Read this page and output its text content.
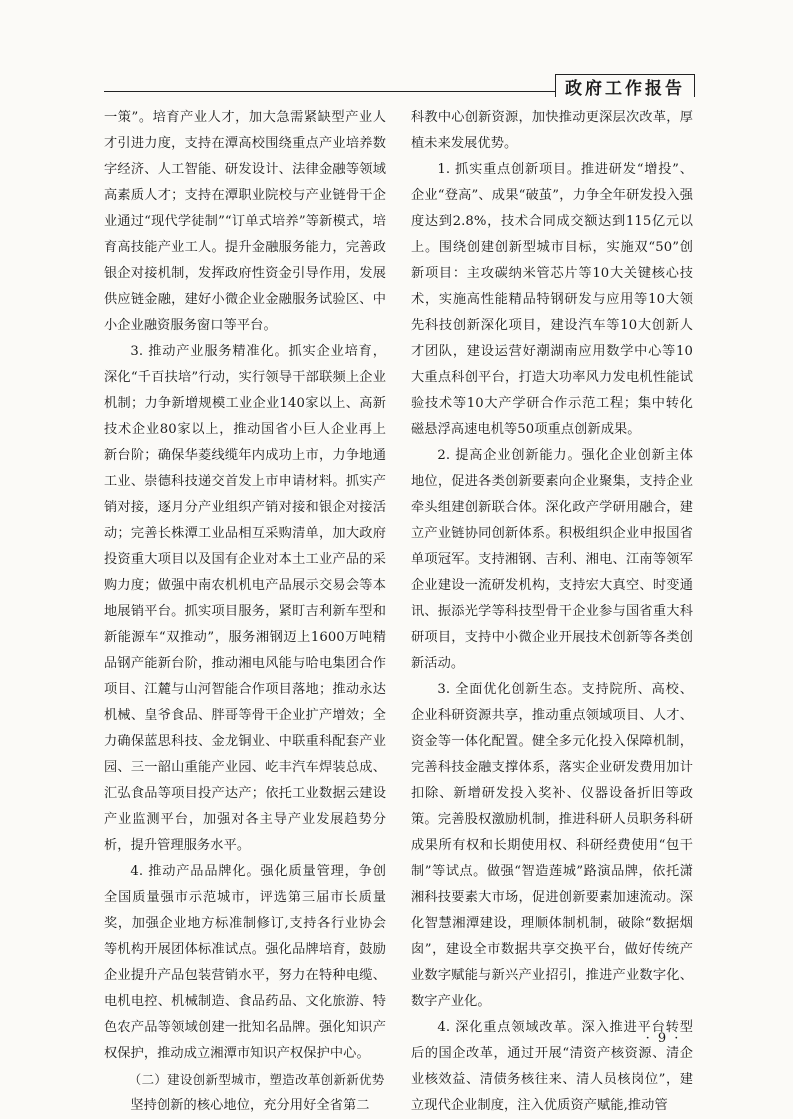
政府工作报告

一策”。培育产业人才，加大急需紧缺型产业人才引进力度，支持在潭高校围绕重点产业培养数字经济、人工智能、研发设计、法律金融等领域高素质人才；支持在潭职业院校与产业链骨干企业通过“现代学徒制”“订单式培养”等新模式，培育高技能产业工人。提升金融服务能力，完善政银企对接机制，发挥政府性资金引导作用，发展供应链金融，建好小微企业金融服务试验区、中小企业融资服务窗口等平台。

3. 推动产业服务精准化。抓实企业培育，深化“千百扶培”行动，实行领导干部联频上企业机制；力争新增规模工业企业140家以上、高新技术企业80家以上，推动国省小巨人企业再上新台阶；确保华菱线缆年内成功上市，力争地通工业、崇德科技递交首发上市申请材料。抓实产销对接，逐月分产业组织产销对接和银企对接活动；完善长株潭工业品相互采购清单，加大政府投资重大项目以及国有企业对本土工业产品的采购力度；做强中南农机机电产品展示交易会等本地展销平台。抓实项目服务，紧盯吉利新车型和新能源车“双推动”，服务湘钢迈上1600万吨精品钢产能新台阶，推动湘电风能与哈电集团合作项目、江麓与山河智能合作项目落地；推动永达机械、皇爷食品、胖哥等骨干企业扩产增效；全力确保蓝思科技、金龙铜业、中联重科配套产业园、三一韶山重能产业园、屹丰汽车焊装总成、汇弘食品等项目投产达产；依托工业数据云建设产业监测平台，加强对各主导产业发展趋势分析，提升管理服务水平。

4. 推动产品品牌化。强化质量管理，争创全国质量强市示范城市，评选第三届市长质量奖，加强企业地方标准制修订,支持各行业协会等机构开展团体标准试点。强化品牌培育，鼓励企业提升产品包装营销水平，努力在特种电缆、电机电控、机械制造、食品药品、文化旅游、特色农产品等领域创建一批知名品牌。强化知识产权保护，推动成立湘潭市知识产权保护中心。

（二）建设创新型城市，塑造改革创新新优势

坚持创新的核心地位，充分用好全省第二

科教中心创新资源，加快推动更深层次改革，厚植未来发展优势。

1. 抓实重点创新项目。推进研发“增投”、企业“登高”、成果“破茧”，力争全年研发投入强度达到2.8%，技术合同成交额达到115亿元以上。围绕创建创新型城市目标，实施双“50”创新项目：主攻碳纳米管芯片等10大关键核心技术，实施高性能精品特钢研发与应用等10大领先科技创新深化项目，建设汽车等10大创新人才团队，建设运营好潮湖南应用数学中心等10大重点科创平台，打造大功率风力发电机性能试验技术等10大产学研合作示范工程；集中转化磁悬浮高速电机等50项重点创新成果。

2. 提高企业创新能力。强化企业创新主体地位，促进各类创新要素向企业聚集，支持企业牵头组建创新联合体。深化政产学研用融合，建立产业链协同创新体系。积极组织企业申报国省单项冠军。支持湘钢、吉利、湘电、江南等领军企业建设一流研发机构，支持宏大真空、时变通讯、振添光学等科技型骨干企业参与国省重大科研项目，支持中小微企业开展技术创新等各类创新活动。

3. 全面优化创新生态。支持院所、高校、企业科研资源共享，推动重点领域项目、人才、资金等一体化配置。健全多元化投入保障机制，完善科技金融支撑体系，落实企业研发费用加计扣除、新增研发投入奖补、仪器设备折旧等政策。完善股权激励机制，推进科研人员职务科研成果所有权和长期使用权、科研经费使用“包干制”等试点。做强“智造莲城”路演品牌，依托潇湘科技要素大市场，促进创新要素加速流动。深化智慧湘潭建设，理顺体制机制，破除“数据烟囱”，建设全市数据共享交换平台，做好传统产业数字赋能与新兴产业招引，推进产业数字化、数字产业化。

4. 深化重点领域改革。深入推进平台转型后的国企改革，通过开展“清资产核资源、清企业核效益、清债务核往来、清人员核岗位”，建立现代企业制度，注入优质资产赋能,推动管

· 9 ·
